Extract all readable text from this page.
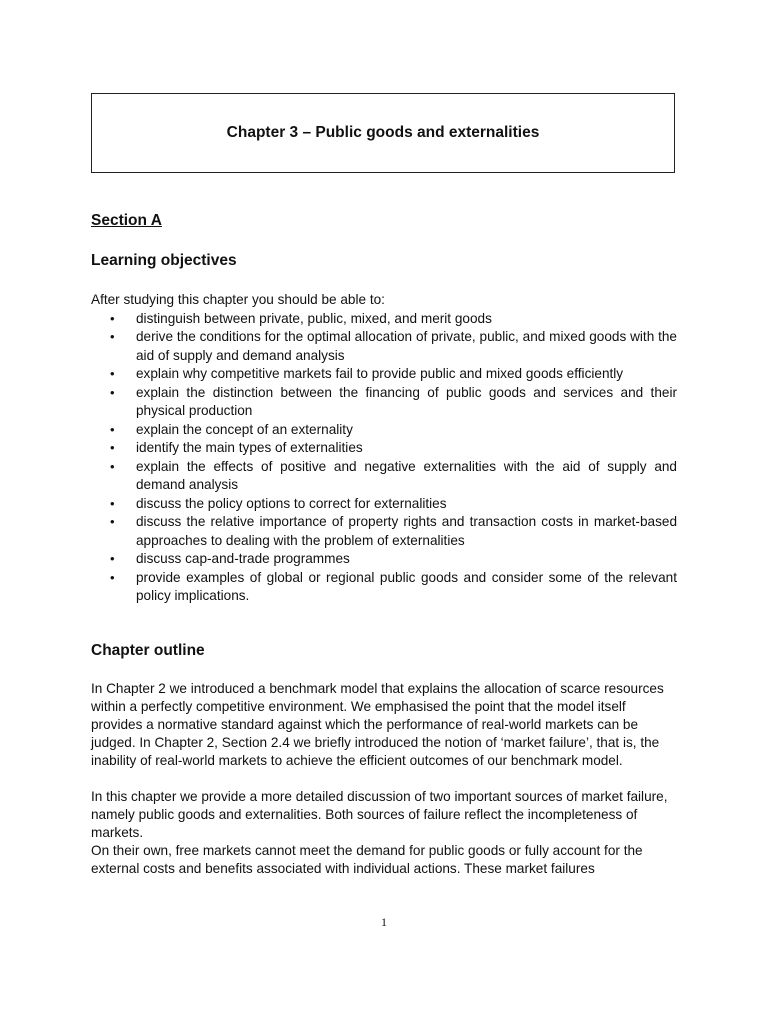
Chapter 3 – Public goods and externalities

Section A

Learning objectives

After studying this chapter you should be able to:

• distinguish between private, public, mixed, and merit goods
• derive the conditions for the optimal allocation of private, public, and mixed goods with the aid of supply and demand analysis
• explain why competitive markets fail to provide public and mixed goods efficiently
• explain the distinction between the financing of public goods and services and their physical production
• explain the concept of an externality
• identify the main types of externalities
• explain the effects of positive and negative externalities with the aid of supply and demand analysis
• discuss the policy options to correct for externalities
• discuss the relative importance of property rights and transaction costs in market-based approaches to dealing with the problem of externalities
• discuss cap-and-trade programmes
• provide examples of global or regional public goods and consider some of the relevant policy implications.

Chapter outline

In Chapter 2 we introduced a benchmark model that explains the allocation of scarce resources within a perfectly competitive environment. We emphasised the point that the model itself provides a normative standard against which the performance of real-world markets can be judged. In Chapter 2, Section 2.4 we briefly introduced the notion of ‘market failure’, that is, the inability of real-world markets to achieve the efficient outcomes of our benchmark model.

In this chapter we provide a more detailed discussion of two important sources of market failure, namely public goods and externalities. Both sources of failure reflect the incompleteness of markets.

On their own, free markets cannot meet the demand for public goods or fully account for the external costs and benefits associated with individual actions. These market failures

1
